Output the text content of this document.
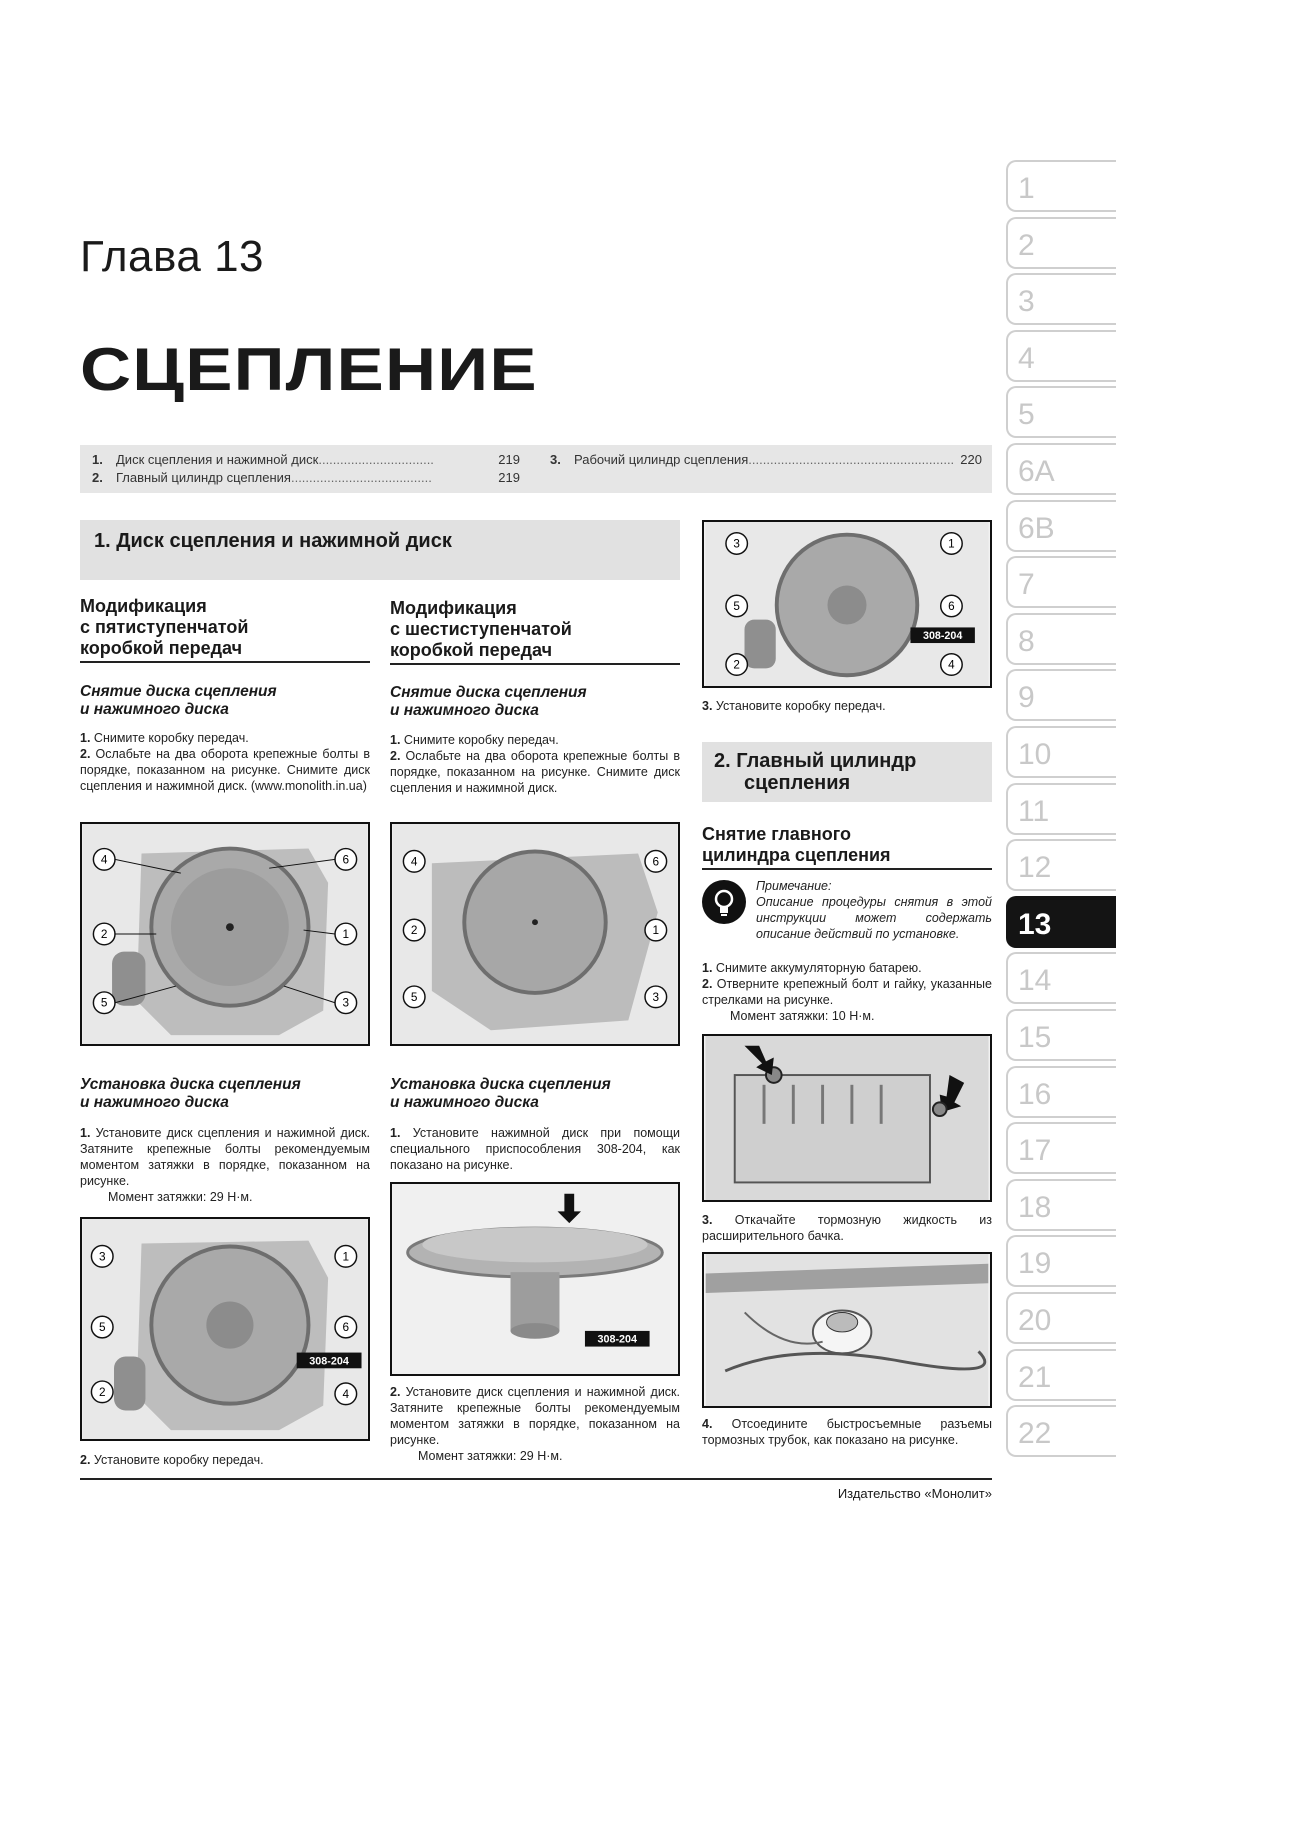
Глава 13
СЦЕПЛЕНИЕ
1.	Диск сцепления и нажимной диск ................................	219
2.	Главный цилиндр сцепления .......................................	219
3.	Рабочий цилиндр сцепления ......................................................... 220
1. Диск сцепления и нажимной диск
Модификация
с пятиступенчатой
коробкой передач
Снятие диска сцепления
и нажимного диска
1. Снимите коробку передач.
2. Ослабьте на два оборота крепежные болты в порядке, показанном на рисунке. Снимите диск сцепления и нажимной диск. (www.monolith.in.ua)
4	6
2	1
5	3
Установка диска сцепления
и нажимного диска
1. Установите диск сцепления и нажимной диск. Затяните крепежные болты рекомендуемым моментом затяжки в порядке, показанном на рисунке.
Момент затяжки: 29 Н·м.
308-204
3	1
5	6
2	4
2. Установите коробку передач.
Модификация
с шестиступенчатой
коробкой передач
Снятие диска сцепления
и нажимного диска
1. Снимите коробку передач.
2. Ослабьте на два оборота крепежные болты в порядке, показанном на рисунке. Снимите диск сцепления и нажимной диск.
4	6
2	1
5	3
Установка диска сцепления
и нажимного диска
1. Установите нажимной диск при помощи специального приспособления 308-204, как показано на рисунке.
308-204
2. Установите диск сцепления и нажимной диск. Затяните крепежные болты рекомендуемым моментом затяжки в порядке, показанном на рисунке.
Момент затяжки: 29 Н·м.
308-204
3	1
5	6
2	4
3. Установите коробку передач.
2. Главный цилиндр
сцепления
Снятие главного
цилиндра сцепления
Примечание:
Описание процедуры снятия в этой инструкции может содержать описание действий по установке.
1. Снимите аккумуляторную батарею.
2. Отверните крепежный болт и гайку, указанные стрелками на рисунке.
Момент затяжки: 10 Н·м.
3. Откачайте тормозную жидкость из расширительного бачка.
4. Отсоедините быстросъемные разъемы тормозных трубок, как показано на рисунке.
1
2
3
4
5
6A
6B
7
8
9
10
11
12
13
14
15
16
17
18
19
20
21
22
Издательство «Монолит»
